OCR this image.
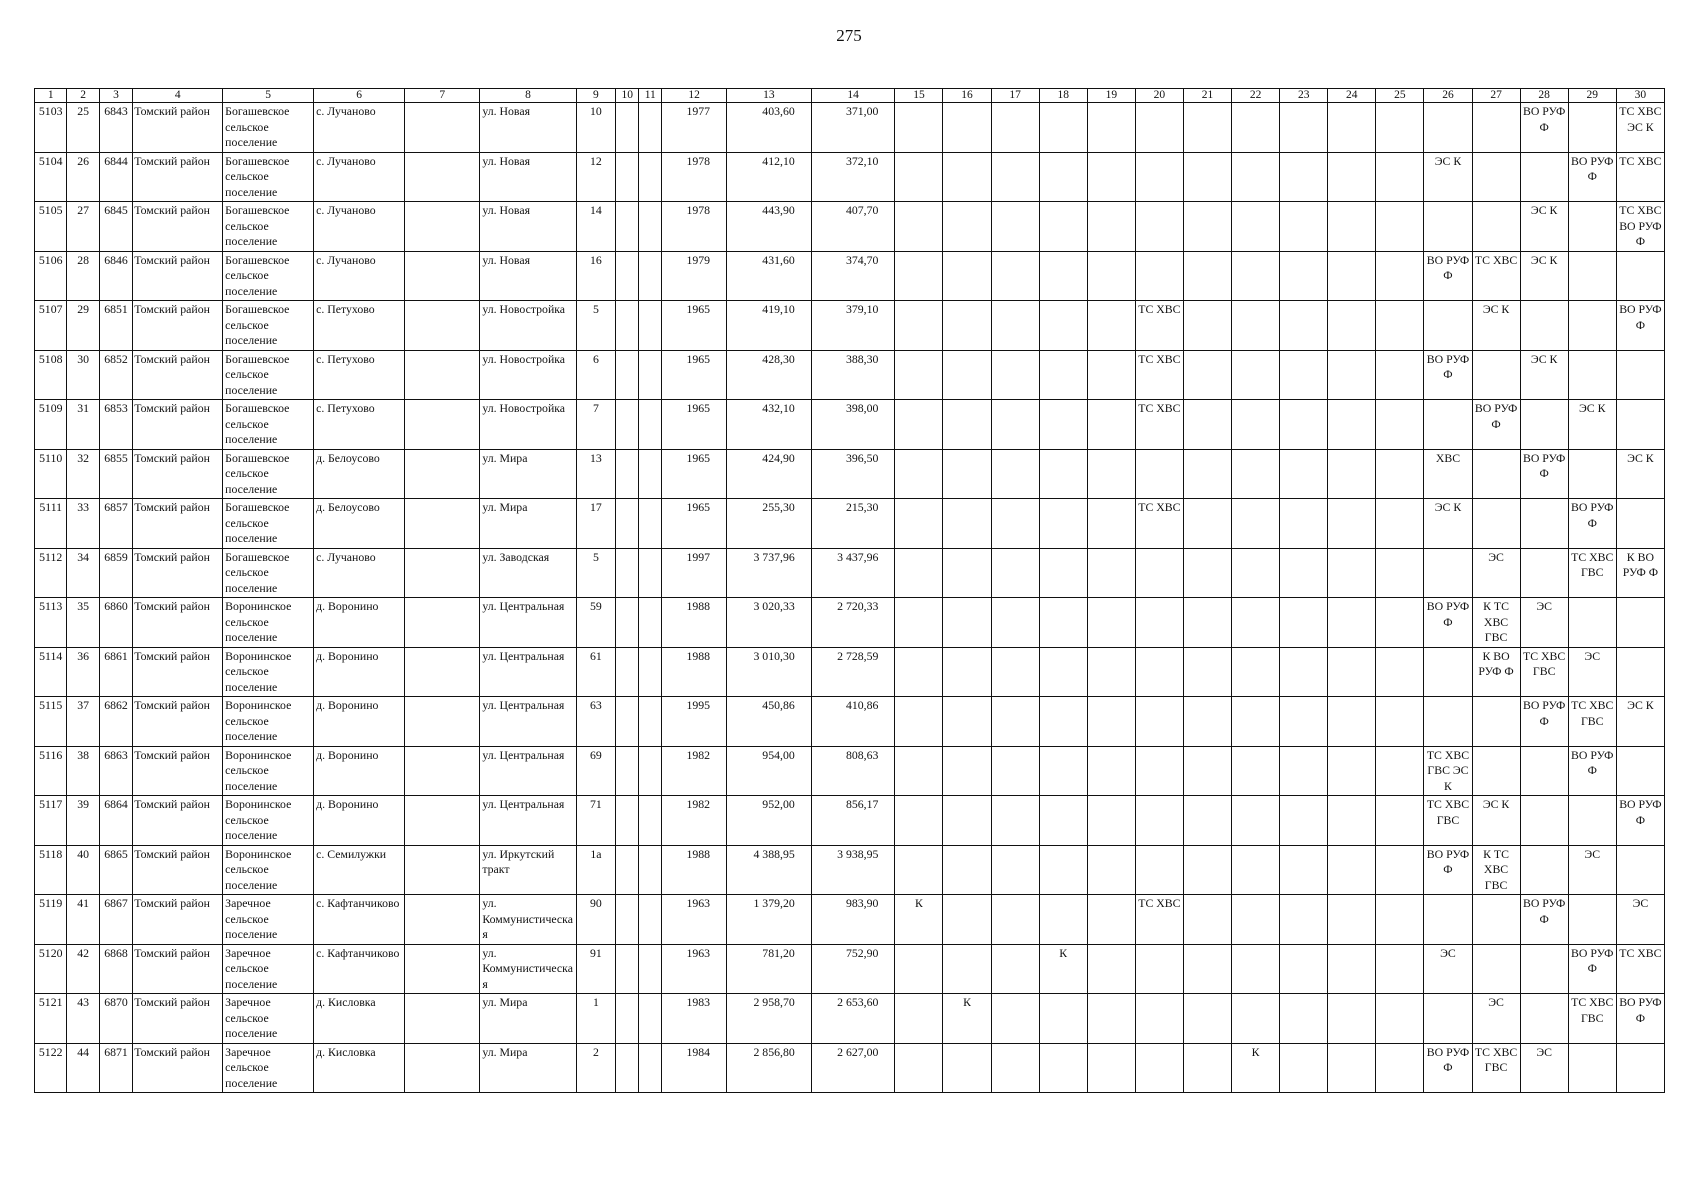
275
1	2	3	4	5	6	7	8	9	10	11	12	13	14	15	16	17	18	19	20	21	22	23	24	25	26	27	28	29	30
5103	25	6843	Томский район	Богашевское сельское поселение	с. Лучаново		ул. Новая	10			1977	403,60	371,00														ВО РУФ Ф		ТС ХВС ЭС К
5104	26	6844	Томский район	Богашевское сельское поселение	с. Лучаново		ул. Новая	12			1978	412,10	372,10												ЭС К			ВО РУФ Ф	ТС ХВС
5105	27	6845	Томский район	Богашевское сельское поселение	с. Лучаново		ул. Новая	14			1978	443,90	407,70														ЭС К		ТС ХВС ВО РУФ Ф
5106	28	6846	Томский район	Богашевское сельское поселение	с. Лучаново		ул. Новая	16			1979	431,60	374,70												ВО РУФ Ф	ТС ХВС	ЭС К		
5107	29	6851	Томский район	Богашевское сельское поселение	с. Петухово		ул. Новостройка	5			1965	419,10	379,10						ТС ХВС							ЭС К			ВО РУФ Ф
5108	30	6852	Томский район	Богашевское сельское поселение	с. Петухово		ул. Новостройка	6			1965	428,30	388,30						ТС ХВС						ВО РУФ Ф		ЭС К		
5109	31	6853	Томский район	Богашевское сельское поселение	с. Петухово		ул. Новостройка	7			1965	432,10	398,00						ТС ХВС							ВО РУФ Ф		ЭС К	
5110	32	6855	Томский район	Богашевское сельское поселение	д. Белоусово		ул. Мира	13			1965	424,90	396,50												ХВС		ВО РУФ Ф		ЭС К
5111	33	6857	Томский район	Богашевское сельское поселение	д. Белоусово		ул. Мира	17			1965	255,30	215,30						ТС ХВС						ЭС К			ВО РУФ Ф	
5112	34	6859	Томский район	Богашевское сельское поселение	с. Лучаново		ул. Заводская	5			1997	3 737,96	3 437,96													ЭС		ТС ХВС ГВС	К ВО РУФ Ф
5113	35	6860	Томский район	Воронинское сельское поселение	д. Воронино		ул. Центральная	59			1988	3 020,33	2 720,33												ВО РУФ Ф	К ТС ХВС ГВС	ЭС		
5114	36	6861	Томский район	Воронинское сельское поселение	д. Воронино		ул. Центральная	61			1988	3 010,30	2 728,59													К ВО РУФ Ф	ТС ХВС ГВС	ЭС	
5115	37	6862	Томский район	Воронинское сельское поселение	д. Воронино		ул. Центральная	63			1995	450,86	410,86														ВО РУФ Ф	ТС ХВС ГВС	ЭС К
5116	38	6863	Томский район	Воронинское сельское поселение	д. Воронино		ул. Центральная	69			1982	954,00	808,63												ТС ХВС ГВС ЭС К			ВО РУФ Ф	
5117	39	6864	Томский район	Воронинское сельское поселение	д. Воронино		ул. Центральная	71			1982	952,00	856,17												ТС ХВС ГВС	ЭС К			ВО РУФ Ф
5118	40	6865	Томский район	Воронинское сельское поселение	с. Семилужки		ул. Иркутский тракт	1а			1988	4 388,95	3 938,95												ВО РУФ Ф	К ТС ХВС ГВС		ЭС	
5119	41	6867	Томский район	Заречное сельское поселение	с. Кафтанчиково		ул. Коммунистическая	90			1963	1 379,20	983,90	К					ТС ХВС								ВО РУФ Ф		ЭС
5120	42	6868	Томский район	Заречное сельское поселение	с. Кафтанчиково		ул. Коммунистическая	91			1963	781,20	752,90				К								ЭС			ВО РУФ Ф	ТС ХВС
5121	43	6870	Томский район	Заречное сельское поселение	д. Кисловка		ул. Мира	1			1983	2 958,70	2 653,60		К											ЭС		ТС ХВС ГВС	ВО РУФ Ф
5122	44	6871	Томский район	Заречное сельское поселение	д. Кисловка		ул. Мира	2			1984	2 856,80	2 627,00								К				ВО РУФ Ф	ТС ХВС ГВС	ЭС		
